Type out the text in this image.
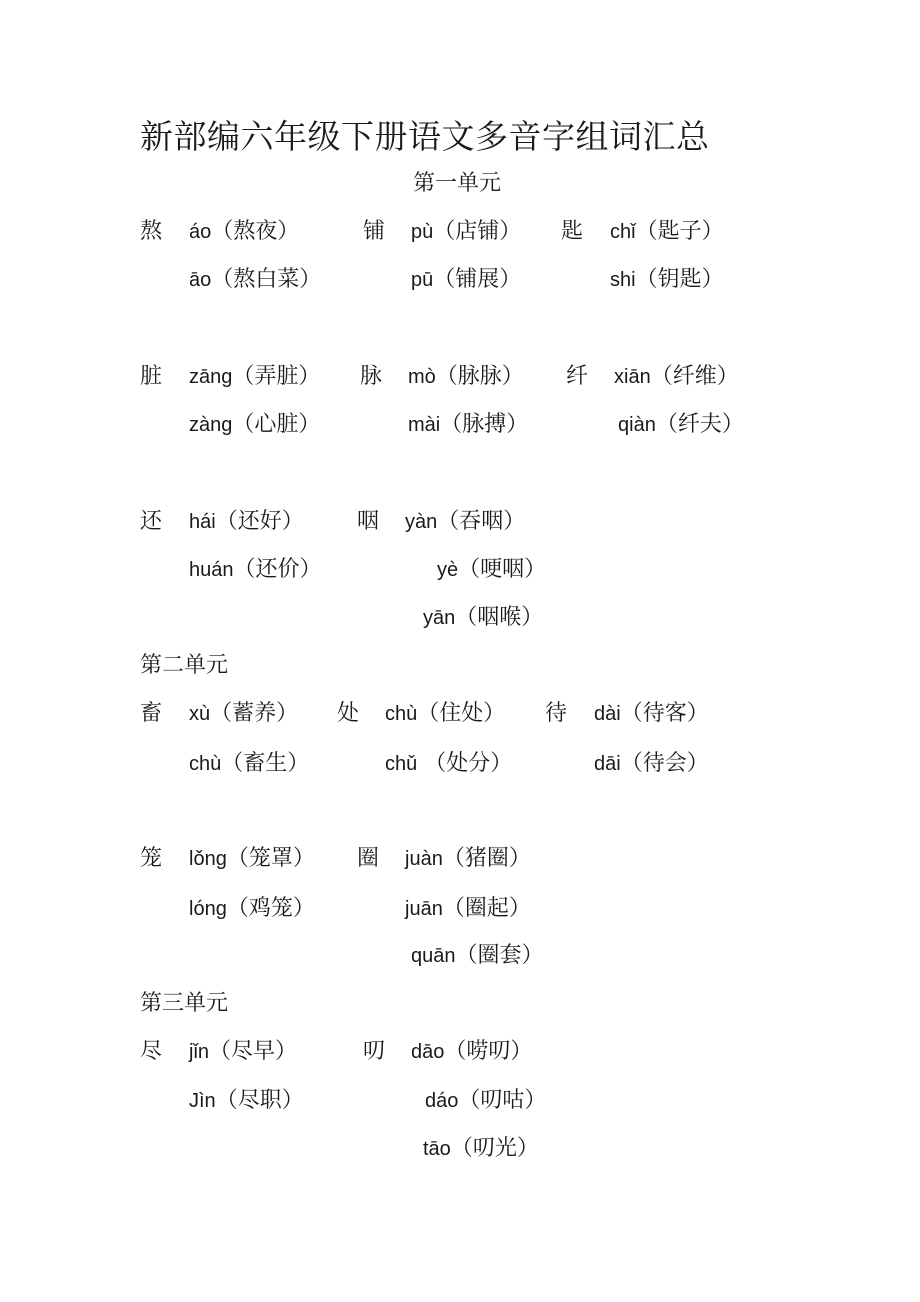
新部编六年级下册语文多音字组词汇总
第一单元
熬 áo（熬夜）
āo（熬白菜）
铺 pù（店铺）
pū（铺展）
匙 chǐ（匙子）
shi（钥匙）
脏 zāng（弄脏）
zàng（心脏）
脉 mò（脉脉）
mài（脉搏）
纤 xiān（纤维）
qiàn（纤夫）
还 hái（还好）
huán（还价）
咽 yàn（吞咽）
yè（哽咽）
yān（咽喉）
第二单元
畜 xù（蓄养）
chù（畜生）
处 chù（住处）
chǔ （处分）
待 dài（待客）
dāi（待会）
笼 lǒng（笼罩）
lóng（鸡笼）
圈 juàn（猪圈）
juān（圈起）
quān（圈套）
第三单元
尽 jǐn（尽早）
Jìn（尽职）
叨 dāo（唠叨）
dáo（叨咕）
tāo（叨光）
